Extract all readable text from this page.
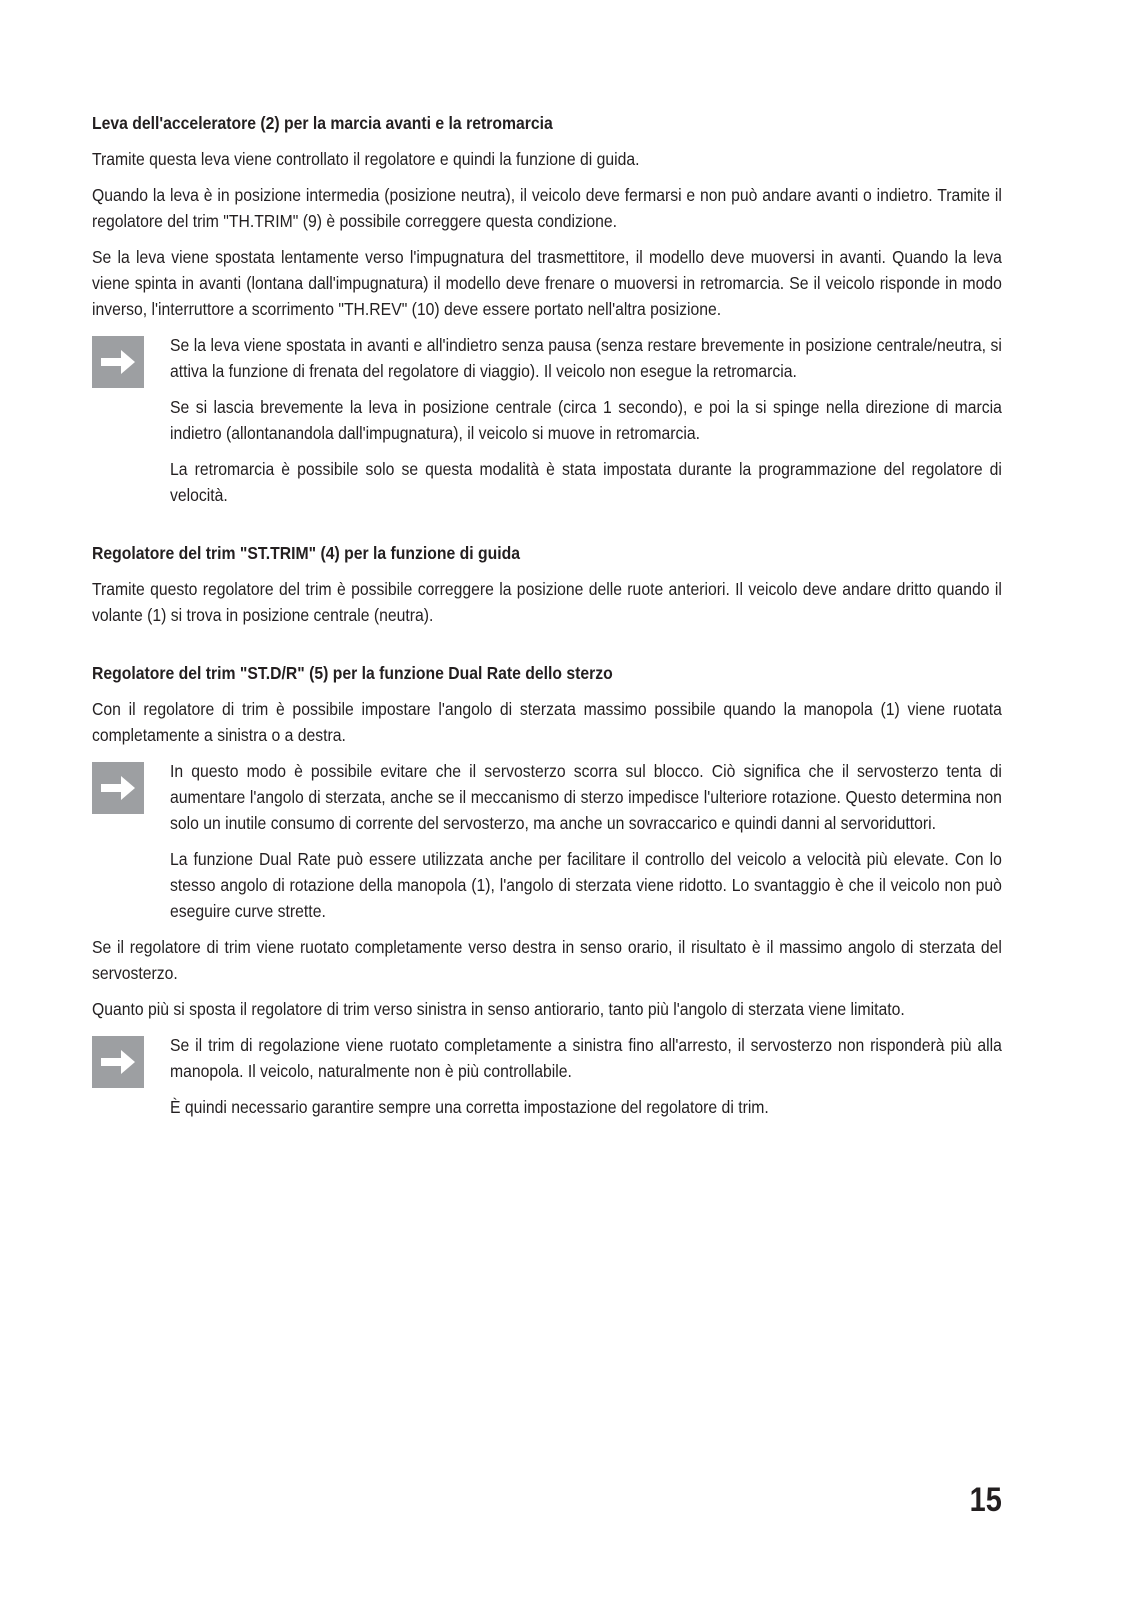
Leva dell'acceleratore (2) per la marcia avanti e la retromarcia

Tramite questa leva viene controllato il regolatore e quindi la funzione di guida.

Quando la leva è in posizione intermedia (posizione neutra), il veicolo deve fermarsi e non può andare avanti o indietro. Tramite il regolatore del trim "TH.TRIM" (9) è possibile correggere questa condizione.

Se la leva viene spostata lentamente verso l'impugnatura del trasmettitore, il modello deve muoversi in avanti. Quando la leva viene spinta in avanti (lontana dall'impugnatura) il modello deve frenare o muoversi in retromarcia. Se il veicolo risponde in modo inverso, l'interruttore a scorrimento "TH.REV" (10) deve essere portato nell'altra posizione.

Se la leva viene spostata in avanti e all'indietro senza pausa (senza restare brevemente in posizione centrale/neutra, si attiva la funzione di frenata del regolatore di viaggio). Il veicolo non esegue la retromarcia.

Se si lascia brevemente la leva in posizione centrale (circa 1 secondo), e poi la si spinge nella direzione di marcia indietro (allontanandola dall'impugnatura), il veicolo si muove in retromarcia.

La retromarcia è possibile solo se questa modalità è stata impostata durante la programmazione del regolatore di velocità.

Regolatore del trim "ST.TRIM" (4) per la funzione di guida

Tramite questo regolatore del trim è possibile correggere la posizione delle ruote anteriori. Il veicolo deve andare dritto quando il volante (1) si trova in posizione centrale (neutra).

Regolatore del trim "ST.D/R" (5) per la funzione Dual Rate dello sterzo

Con il regolatore di trim è possibile impostare l'angolo di sterzata massimo possibile quando la manopola (1) viene ruotata completamente a sinistra o a destra.

In questo modo è possibile evitare che il servosterzo scorra sul blocco. Ciò significa che il servosterzo tenta di aumentare l'angolo di sterzata, anche se il meccanismo di sterzo impedisce l'ulteriore rotazione. Questo determina non solo un inutile consumo di corrente del servosterzo, ma anche un sovraccarico e quindi danni al servoriduttori.

La funzione Dual Rate può essere utilizzata anche per facilitare il controllo del veicolo a velocità più elevate. Con lo stesso angolo di rotazione della manopola (1), l'angolo di sterzata viene ridotto. Lo svantaggio è che il veicolo non può eseguire curve strette.

Se il regolatore di trim viene ruotato completamente verso destra in senso orario, il risultato è il massimo angolo di sterzata del servosterzo.

Quanto più si sposta il regolatore di trim verso sinistra in senso antiorario, tanto più l'angolo di sterzata viene limitato.

Se il trim di regolazione viene ruotato completamente a sinistra fino all'arresto, il servosterzo non risponderà più alla manopola. Il veicolo, naturalmente non è più controllabile.

È quindi necessario garantire sempre una corretta impostazione del regolatore di trim.

15
